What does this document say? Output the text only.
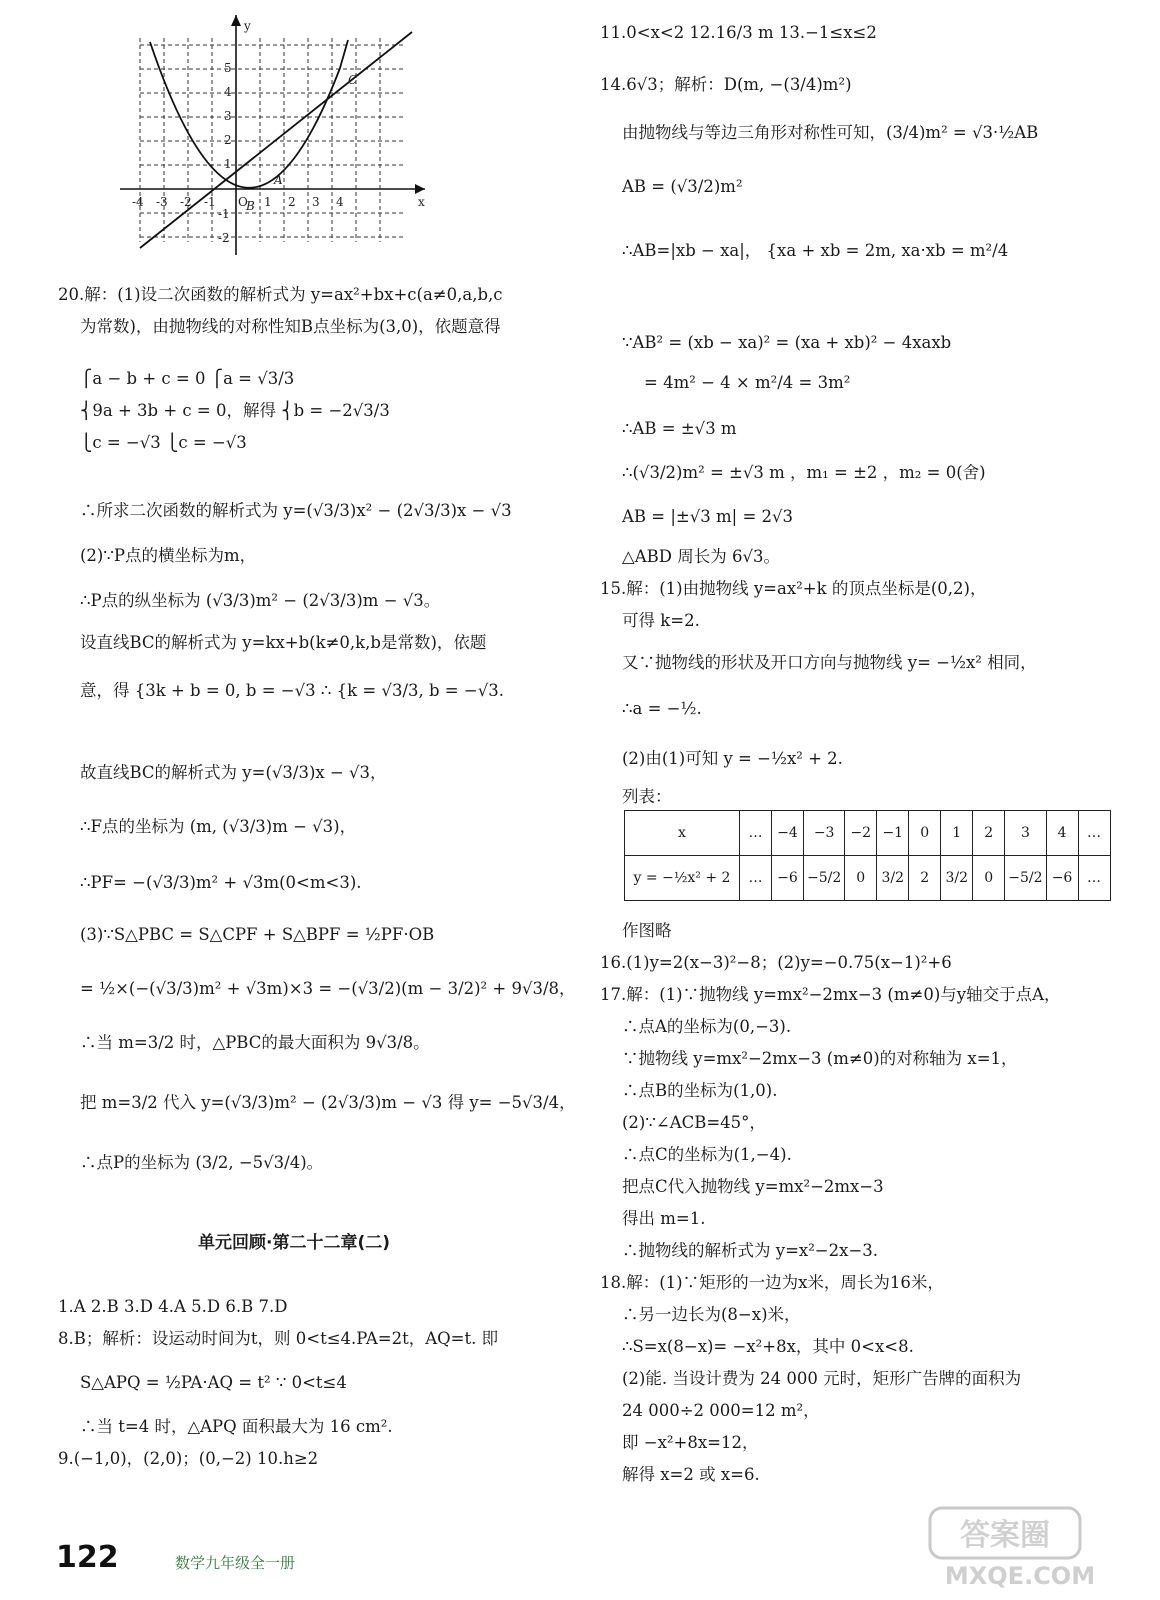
y
x
O
-4 -3 -2 -1	1 2 3 4
5
4
3
2
1
-1
-2
A
B
C
20.解：(1)设二次函数的解析式为 y=ax²+bx+c(a≠0,a,b,c
为常数)，由抛物线的对称性知B点坐标为(3,0)，依题意得
⎧a − b + c = 0 ⎧a = √3/3
⎨9a + 3b + c = 0，解得 ⎨b = −2√3/3
⎩c = −√3 ⎩c = −√3
∴所求二次函数的解析式为 y=(√3/3)x² − (2√3/3)x − √3
(2)∵P点的横坐标为m，
∴P点的纵坐标为 (√3/3)m² − (2√3/3)m − √3。
设直线BC的解析式为 y=kx+b(k≠0,k,b是常数)，依题
意，得 {3k + b = 0, b = −√3 ∴ {k = √3/3, b = −√3.
故直线BC的解析式为 y=(√3/3)x − √3，
∴F点的坐标为 (m, (√3/3)m − √3)，
∴PF= −(√3/3)m² + √3m(0<m<3).
(3)∵S△PBC = S△CPF + S△BPF = ½PF·OB
= ½×(−(√3/3)m² + √3m)×3 = −(√3/2)(m − 3/2)² + 9√3/8，
∴当 m=3/2 时，△PBC的最大面积为 9√3/8。
把 m=3/2 代入 y=(√3/3)m² − (2√3/3)m − √3 得 y= −5√3/4，
∴点P的坐标为 (3/2, −5√3/4)。
单元回顾·第二十二章(二)
1.A 2.B 3.D 4.A 5.D 6.B 7.D
8.B；解析：设运动时间为t，则 0<t≤4.PA=2t，AQ=t. 即
S△APQ = ½PA·AQ = t² ∵ 0<t≤4
∴当 t=4 时，△APQ 面积最大为 16 cm².
9.(−1,0)，(2,0)；(0,−2) 10.h≥2
x	…	−4	−3	−2	−1	0	1	2	3	4	…
y = −½x² + 2	…	−6	−5/2	0	3/2	2	3/2	0	−5/2	−6	…
11.0<x<2 12.16/3 m 13.−1≤x≤2
14.6√3；解析：D(m, −(3/4)m²)
由抛物线与等边三角形对称性可知，(3/4)m² = √3·½AB
AB = (√3/2)m²
∴AB=|xb − xa|， {xa + xb = 2m, xa·xb = m²/4
∵AB² = (xb − xa)² = (xa + xb)² − 4xaxb
= 4m² − 4 × m²/4 = 3m²
∴AB = ±√3 m
∴(√3/2)m² = ±√3 m ，m₁ = ±2 ，m₂ = 0(舍)
AB = |±√3 m| = 2√3
△ABD 周长为 6√3。
15.解：(1)由抛物线 y=ax²+k 的顶点坐标是(0,2)，
可得 k=2.
又∵抛物线的形状及开口方向与抛物线 y= −½x² 相同，
∴a = −½.
(2)由(1)可知 y = −½x² + 2.
列表：
作图略
16.(1)y=2(x−3)²−8；(2)y=−0.75(x−1)²+6
17.解：(1)∵抛物线 y=mx²−2mx−3 (m≠0)与y轴交于点A，
∴点A的坐标为(0,−3).
∵抛物线 y=mx²−2mx−3 (m≠0)的对称轴为 x=1，
∴点B的坐标为(1,0).
(2)∵∠ACB=45°，
∴点C的坐标为(1,−4).
把点C代入抛物线 y=mx²−2mx−3
得出 m=1.
∴抛物线的解析式为 y=x²−2x−3.
18.解：(1)∵矩形的一边为x米，周长为16米，
∴另一边长为(8−x)米，
∴S=x(8−x)= −x²+8x，其中 0<x<8.
(2)能. 当设计费为 24 000 元时，矩形广告牌的面积为
24 000÷2 000=12 m²，
即 −x²+8x=12，
解得 x=2 或 x=6.
122	数学九年级全一册
答案圈
MXQE.COM
